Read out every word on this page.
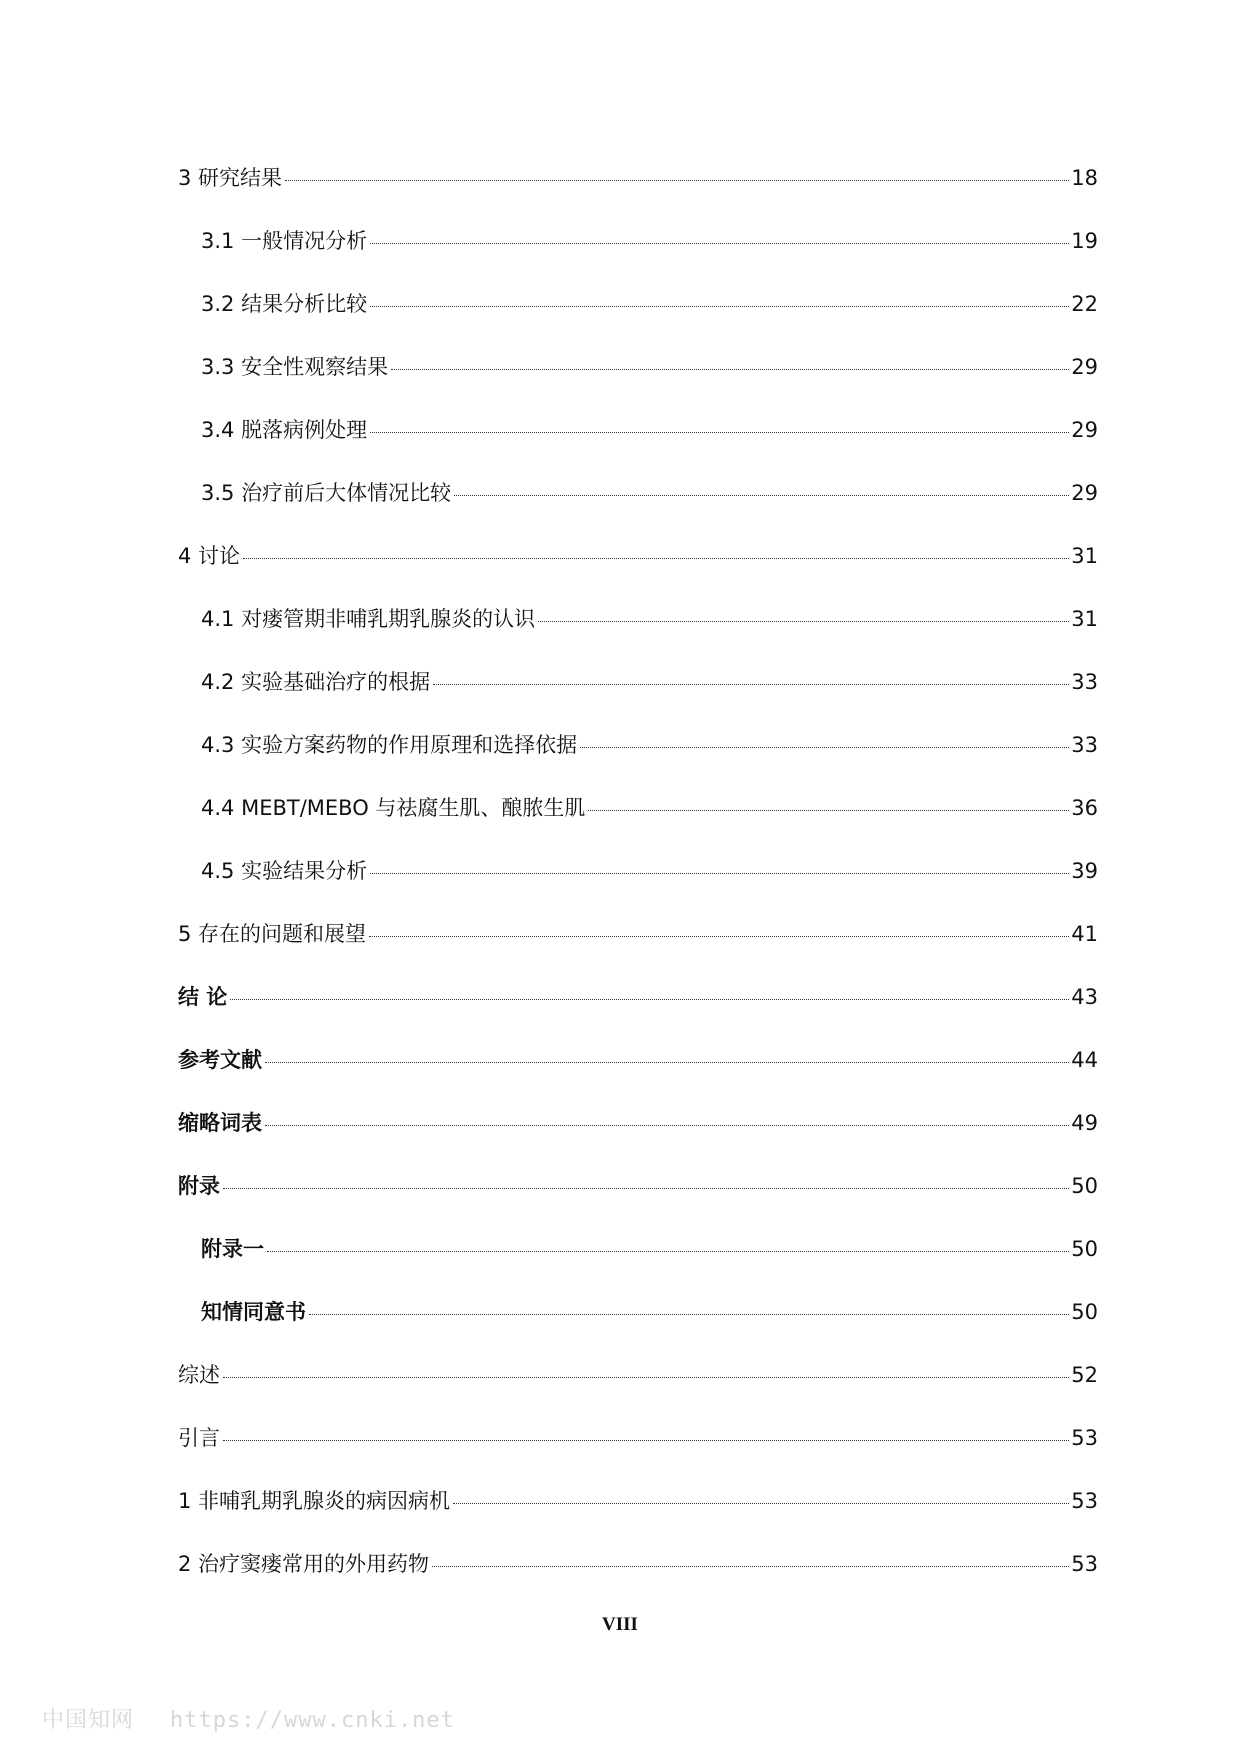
3 研究结果	18
3.1 一般情况分析	19
3.2 结果分析比较	22
3.3 安全性观察结果	29
3.4 脱落病例处理	29
3.5 治疗前后大体情况比较	29
4 讨论	31
4.1 对瘘管期非哺乳期乳腺炎的认识	31
4.2 实验基础治疗的根据	33
4.3 实验方案药物的作用原理和选择依据	33
4.4 MEBT/MEBO 与祛腐生肌、酿脓生肌	36
4.5 实验结果分析	39
5 存在的问题和展望	41
结 论	43
参考文献	44
缩略词表	49
附录	50
附录一	50
知情同意书	50
综述	52
引言	53
1 非哺乳期乳腺炎的病因病机	53
2 治疗窦瘘常用的外用药物	53
VIII
中国知网 https://www.cnki.net
